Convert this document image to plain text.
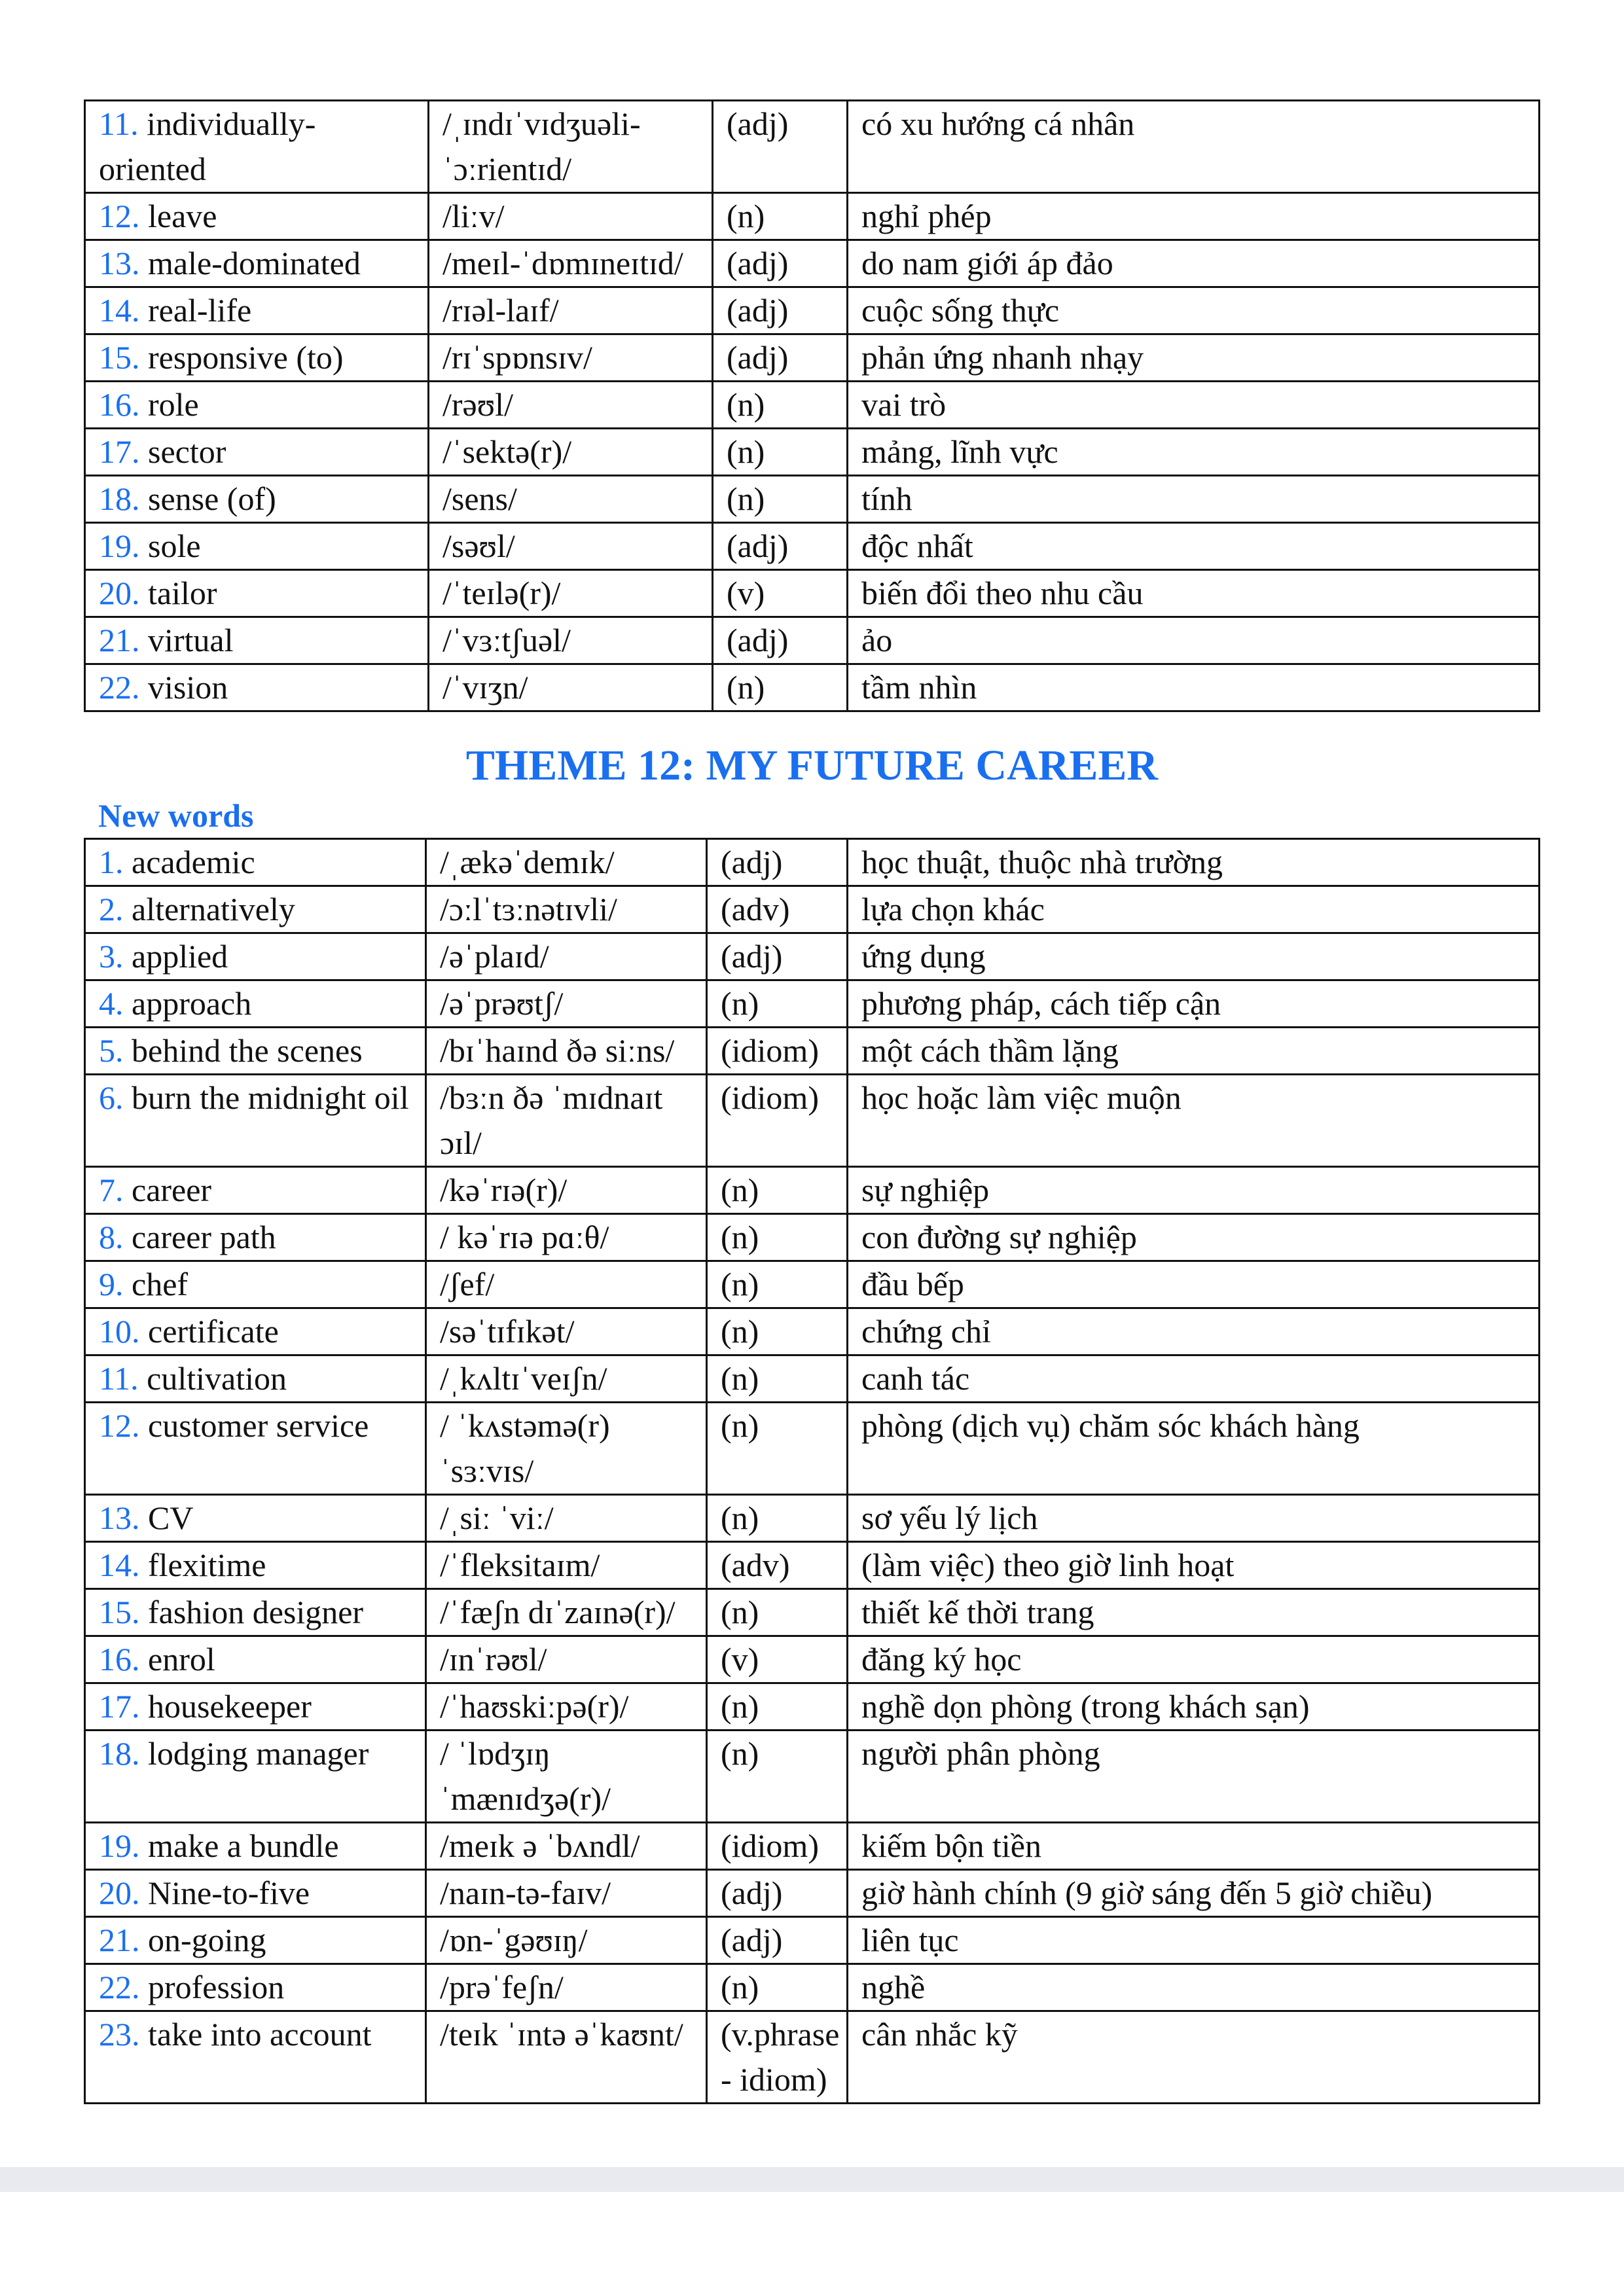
11. individually-oriented	/ˌɪndɪˈvɪdʒuəli-ˈɔːrientɪd/	(adj)	có xu hướng cá nhân
12. leave	/liːv/	(n)	nghỉ phép
13. male-dominated	/meɪl-ˈdɒmɪneɪtɪd/	(adj)	do nam giới áp đảo
14. real-life	/rɪəl-laɪf/	(adj)	cuộc sống thực
15. responsive (to)	/rɪˈspɒnsɪv/	(adj)	phản ứng nhanh nhạy
16. role	/rəʊl/	(n)	vai trò
17. sector	/ˈsektə(r)/	(n)	mảng, lĩnh vực
18. sense (of)	/sens/	(n)	tính
19. sole	/səʊl/	(adj)	độc nhất
20. tailor	/ˈteɪlə(r)/	(v)	biến đổi theo nhu cầu
21. virtual	/ˈvɜːtʃuəl/	(adj)	ảo
22. vision	/ˈvɪʒn/	(n)	tầm nhìn
THEME 12: MY FUTURE CAREER
New words
1. academic	/ˌækəˈdemɪk/	(adj)	học thuật, thuộc nhà trường
2. alternatively	/ɔːlˈtɜːnətɪvli/	(adv)	lựa chọn khác
3. applied	/əˈplaɪd/	(adj)	ứng dụng
4. approach	/əˈprəʊtʃ/	(n)	phương pháp, cách tiếp cận
5. behind the scenes	/bɪˈhaɪnd ðə siːns/	(idiom)	một cách thầm lặng
6. burn the midnight oil	/bɜːn ðə ˈmɪdnaɪt ɔɪl/	(idiom)	học hoặc làm việc muộn
7. career	/kəˈrɪə(r)/	(n)	sự nghiệp
8. career path	/ kəˈrɪə pɑːθ/	(n)	con đường sự nghiệp
9. chef	/ʃef/	(n)	đầu bếp
10. certificate	/səˈtɪfɪkət/	(n)	chứng chỉ
11. cultivation	/ˌkʌltɪˈveɪʃn/	(n)	canh tác
12. customer service	/ ˈkʌstəmə(r) ˈsɜːvɪs/	(n)	phòng (dịch vụ) chăm sóc khách hàng
13. CV	/ˌsiː ˈviː/	(n)	sơ yếu lý lịch
14. flexitime	/ˈfleksitaɪm/	(adv)	(làm việc) theo giờ linh hoạt
15. fashion designer	/ˈfæʃn dɪˈzaɪnə(r)/	(n)	thiết kế thời trang
16. enrol	/ɪnˈrəʊl/	(v)	đăng ký học
17. housekeeper	/ˈhaʊskiːpə(r)/	(n)	nghề dọn phòng (trong khách sạn)
18. lodging manager	/ ˈlɒdʒɪŋ ˈmænɪdʒə(r)/	(n)	người phân phòng
19. make a bundle	/meɪk ə ˈbʌndl/	(idiom)	kiếm bộn tiền
20. Nine-to-five	/naɪn-tə-faɪv/	(adj)	giờ hành chính (9 giờ sáng đến 5 giờ chiều)
21. on-going	/ɒn-ˈgəʊɪŋ/	(adj)	liên tục
22. profession	/prəˈfeʃn/	(n)	nghề
23. take into account	/teɪk ˈɪntə əˈkaʊnt/	(v.phrase - idiom)	cân nhắc kỹ
